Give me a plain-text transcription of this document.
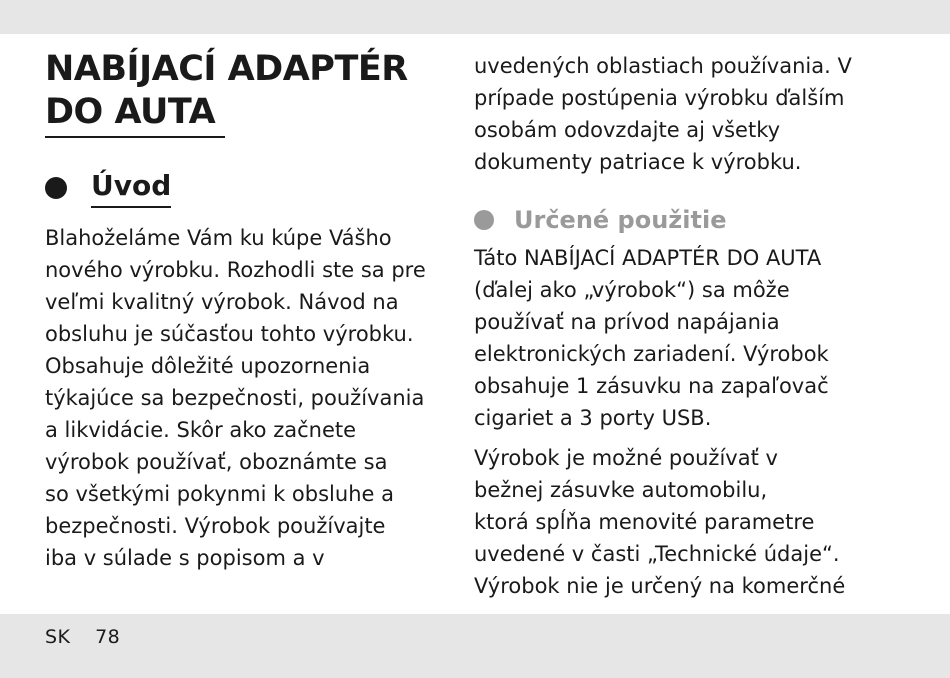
NABÍJACÍ ADAPTÉR
DO AUTA
Úvod

Blahoželáme Vám ku kúpe Vášho
nového výrobku. Rozhodli ste sa pre
veľmi kvalitný výrobok. Návod na
obsluhu je súčasťou tohto výrobku.
Obsahuje dôležité upozornenia
týkajúce sa bezpečnosti, používania
a likvidácie. Skôr ako začnete
výrobok používať, oboznámte sa
so všetkými pokynmi k obsluhe a
bezpečnosti. Výrobok používajte
iba v súlade s popisom a v

uvedených oblastiach používania. V
prípade postúpenia výrobku ďalším
osobám odovzdajte aj všetky
dokumenty patriace k výrobku.

Určené použitie

Táto NABÍJACÍ ADAPTÉR DO AUTA
(ďalej ako „výrobok“) sa môže
používať na prívod napájania
elektronických zariadení. Výrobok
obsahuje 1 zásuvku na zapaľovač
cigariet a 3 porty USB.

Výrobok je možné používať v
bežnej zásuvke automobilu,
ktorá spĺňa menovité parametre
uvedené v časti „Technické údaje“.
Výrobok nie je určený na komerčné

SK 78
